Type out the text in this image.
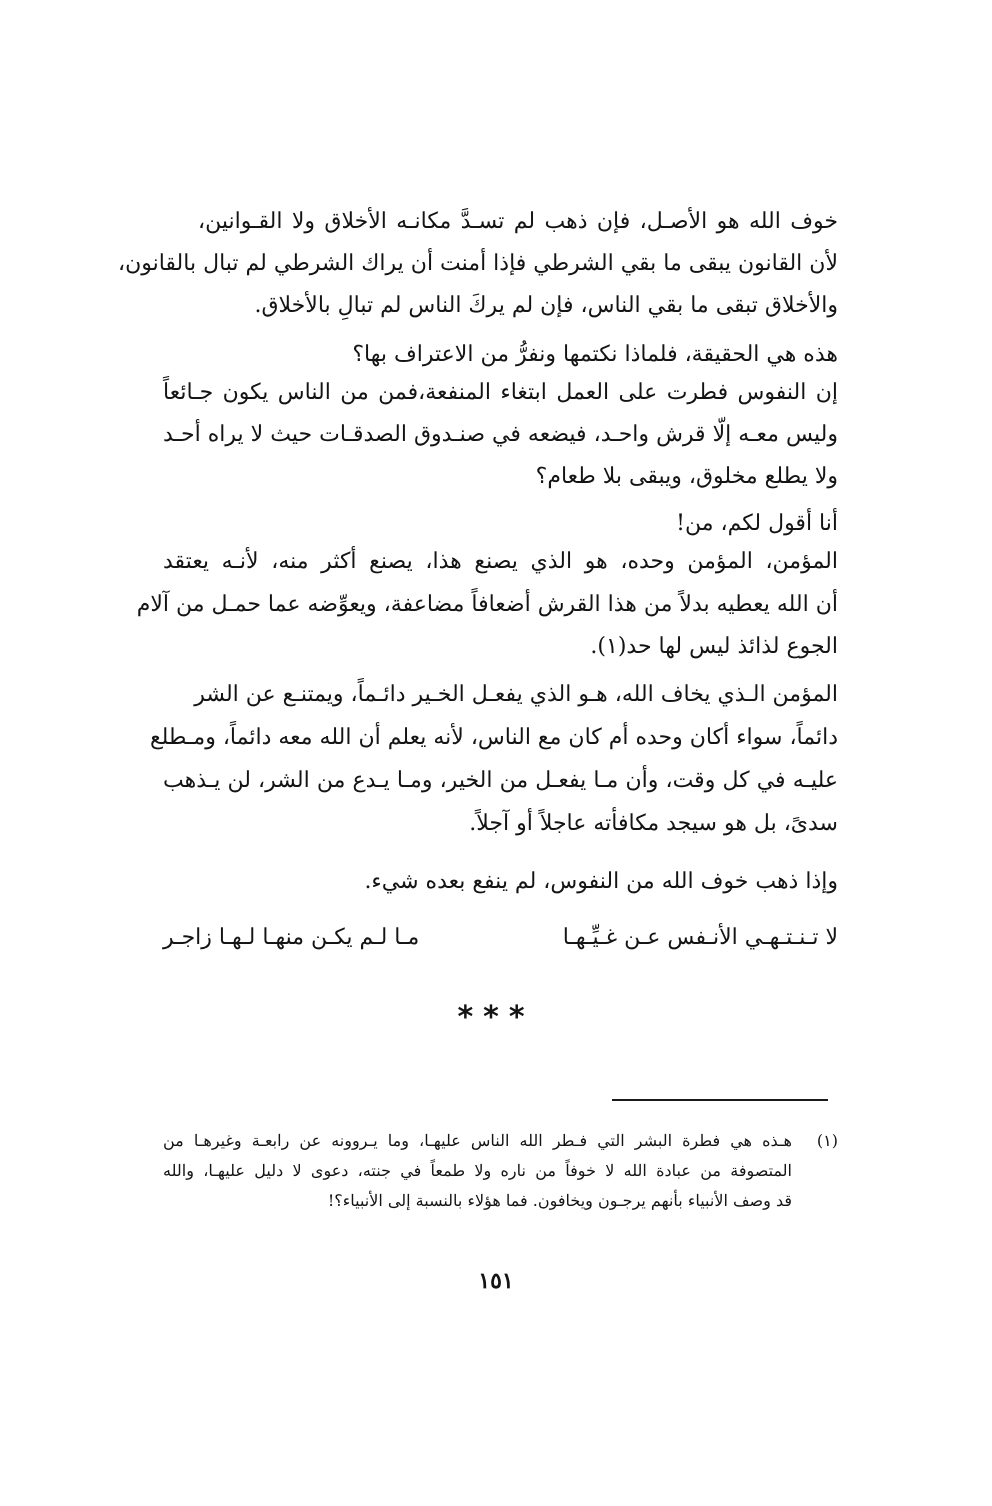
خوف الله هو الأصـل، فإن ذهب لم تسـدَّ مكانـه الأخلاق ولا القـوانين،
لأن القانون يبقى ما بقي الشرطي فإذا أمنت أن يراك الشرطي لم تبال بالقانون،
والأخلاق تبقى ما بقي الناس، فإن لم يركَ الناس لم تبالِ بالأخلاق.
هذه هي الحقيقة، فلماذا نكتمها ونفرُّ من الاعتراف بها؟
إن النفوس فطرت على العمل ابتغاء المنفعة،فمن من الناس يكون جـائعاً
وليس معـه إلّا قرش واحـد، فيضعه في صنـدوق الصدقـات حيث لا يراه أحـد
ولا يطلع مخلوق، ويبقى بلا طعام؟
أنا أقول لكم، من!
المؤمن، المؤمن وحده، هو الذي يصنع هذا، يصنع أكثر منه، لأنـه يعتقد
أن الله يعطيه بدلاً من هذا القرش أضعافاً مضاعفة، ويعوِّضه عما حمـل من آلام
الجوع لذائذ ليس لها حد(١).
المؤمن الـذي يخاف الله، هـو الذي يفعـل الخـير دائـماً، ويمتنـع عن الشر
دائماً، سواء أكان وحده أم كان مع الناس، لأنه يعلم أن الله معه دائماً، ومـطلع
عليـه في كل وقت، وأن مـا يفعـل من الخير، ومـا يـدع من الشر، لن يـذهب
سدىً، بل هو سيجد مكافأته عاجلاً أو آجلاً.
وإذا ذهب خوف الله من النفوس، لم ينفع بعده شيء.
لا تـنـتـهـي الأنـفس عـن غـيِّـهـا
مـا لـم يكـن منهـا لـهـا زاجـر
***
(١)
هـذه هي فطرة البشر التي فـطر الله الناس عليهـا، وما يـروونه عن رابعـة وغيرهـا من
المتصوفة من عبادة الله لا خوفاً من ناره ولا طمعاً في جنته، دعوى لا دليل عليهـا، والله
قد وصف الأنبياء بأنهم يرجـون ويخافون. فما هؤلاء بالنسبة إلى الأنبياء؟!
١٥١
